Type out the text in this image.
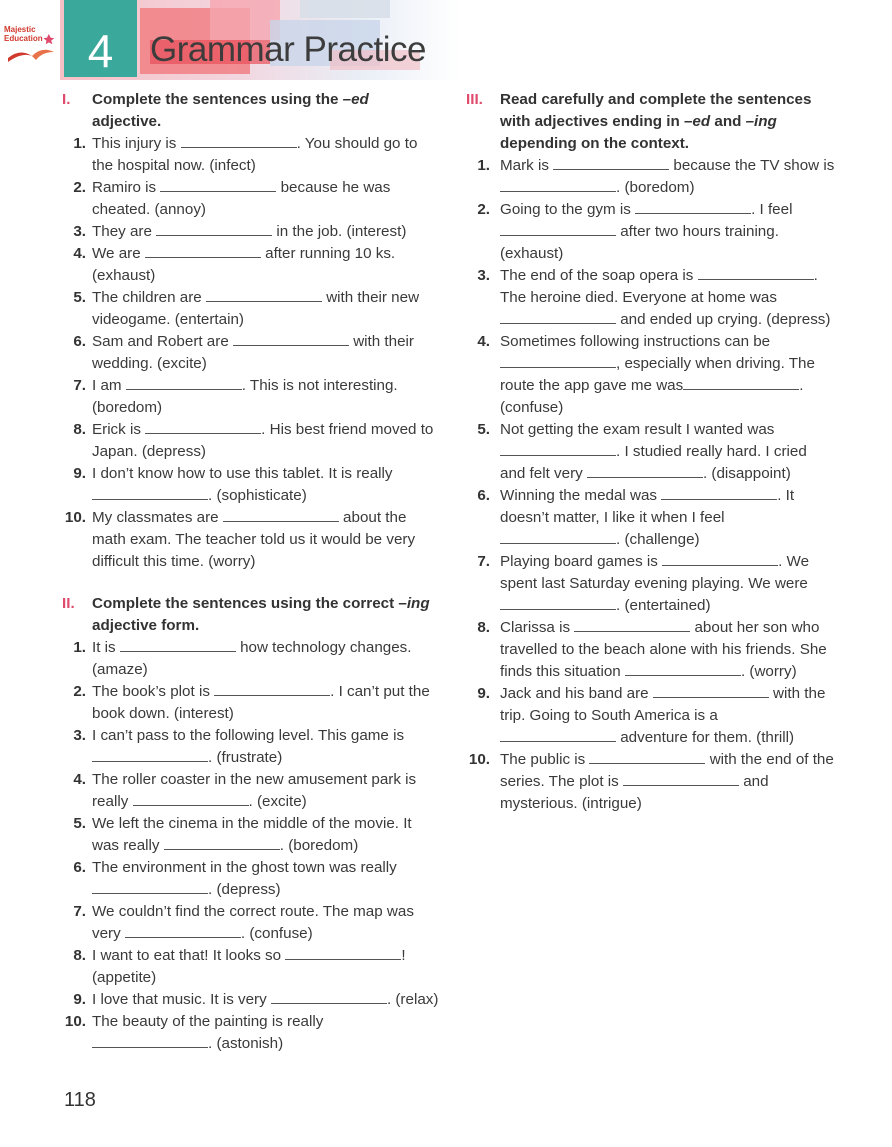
Majestic
Education 4	Grammar Practice
I. Complete the sentences using the –ed adjective.
1. This injury is	. You should go to the hospital now. (infect)
2. Ramiro is	because he was cheated. (annoy)
3. They are	in the job. (interest)
4. We are	after running 10 ks. (exhaust)
5. The children are	with their new videogame. (entertain)
6. Sam and Robert are	with their wedding. (excite)
7. I am	. This is not interesting. (boredom)
8. Erick is	. His best friend moved to Japan. (depress)
9. I don’t know how to use this tablet. It is really . (sophisticate)
10. My classmates are	about the math exam. The teacher told us it would be very difficult this time. (worry)
II. Complete the sentences using the correct –ing adjective form.
1. It is	how technology changes. (amaze)
2. The book’s plot is	. I can’t put the book down. (interest)
3. I can’t pass to the following level. This game is . (frustrate)
4. The roller coaster in the new amusement park is really	. (excite)
5. We left the cinema in the middle of the movie. It was really	. (boredom)
6. The environment in the ghost town was really . (depress)
7. We couldn’t find the correct route. The map was very	. (confuse)
8. I want to eat that! It looks so	! (appetite)
9. I love that music. It is very	. (relax)
10. The beauty of the painting is really . (astonish)
III. Read carefully and complete the sentences with adjectives ending in –ed and –ing depending on the context.
1. Mark is	because the TV show is . (boredom)
2. Going to the gym is	. I feel  after two hours training. (exhaust)
3. The end of the soap opera is	. The heroine died. Everyone at home was  and ended up crying. (depress)
4. Sometimes following instructions can be , especially when driving. The route the app gave me was	. (confuse)
5. Not getting the exam result I wanted was . I studied really hard. I cried and felt very	. (disappoint)
6. Winning the medal was	. It doesn’t matter, I like it when I feel . (challenge)
7. Playing board games is	. We spent last Saturday evening playing. We were . (entertained)
8. Clarissa is	about her son who travelled to the beach alone with his friends. She finds this situation	. (worry)
9. Jack and his band are	with the trip. Going to South America is a  adventure for them. (thrill)
10. The public is	with the end of the series. The plot is	and mysterious. (intrigue)
118
